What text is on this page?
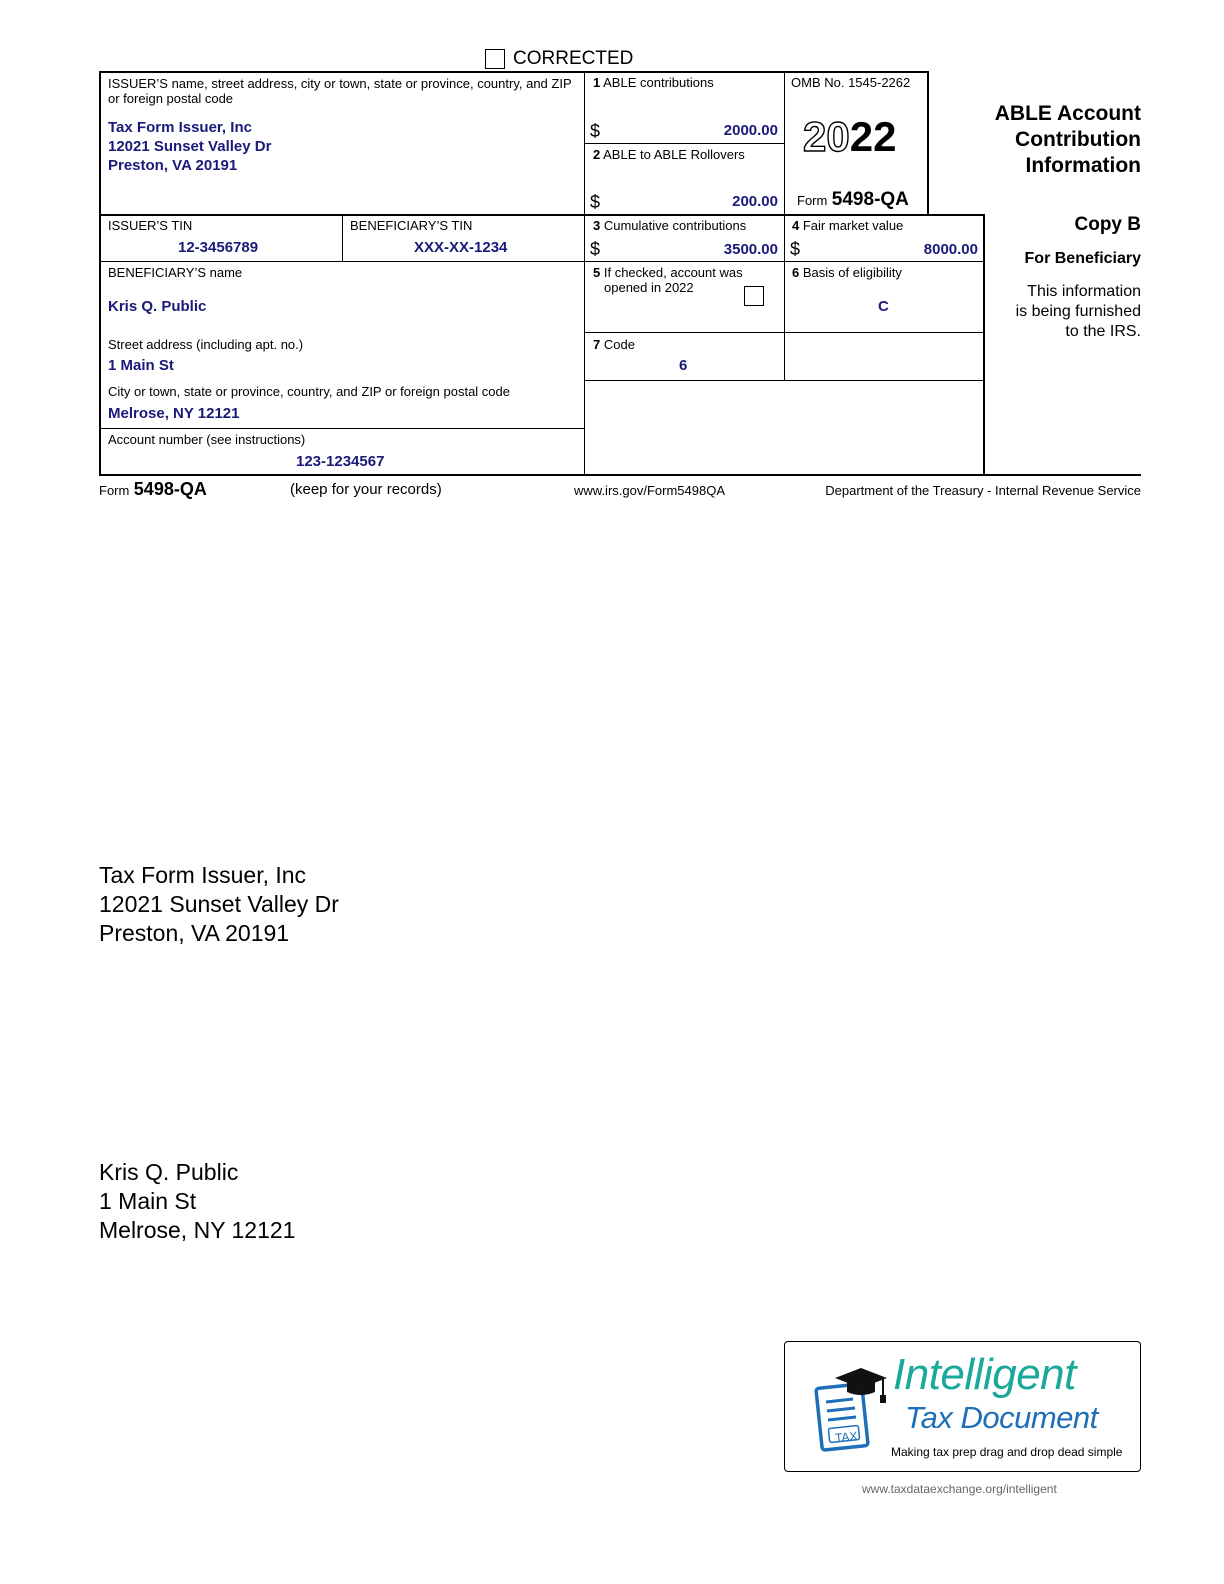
CORRECTED
ISSUER’S name, street address, city or town, state or province, country, and ZIP or foreign postal code
Tax Form Issuer, Inc
12021 Sunset Valley Dr
Preston, VA 20191
1 ABLE contributions
$	2000.00
2 ABLE to ABLE Rollovers
$	200.00
OMB No. 1545-2262
2022
Form 5498-QA
ABLE Account
Contribution
Information
ISSUER’S TIN
12-3456789
BENEFICIARY’S TIN
XXX-XX-1234
3 Cumulative contributions
$	3500.00
4 Fair market value
$	8000.00
Copy B
For Beneficiary
This information
is being furnished
to the IRS.
BENEFICIARY’S name
Kris Q. Public
Street address (including apt. no.)
1 Main St
City or town, state or province, country, and ZIP or foreign postal code
Melrose, NY 12121
5 If checked, account was
opened in 2022
6 Basis of eligibility
C
7 Code
6
Account number (see instructions)
123-1234567
Form 5498-QA	(keep for your records)	www.irs.gov/Form5498QA	Department of the Treasury - Internal Revenue Service
Tax Form Issuer, Inc
12021 Sunset Valley Dr
Preston, VA 20191
Kris Q. Public
1 Main St
Melrose, NY 12121
TAX
Intelligent
Tax Document
Making tax prep drag and drop dead simple
www.taxdataexchange.org/intelligent
